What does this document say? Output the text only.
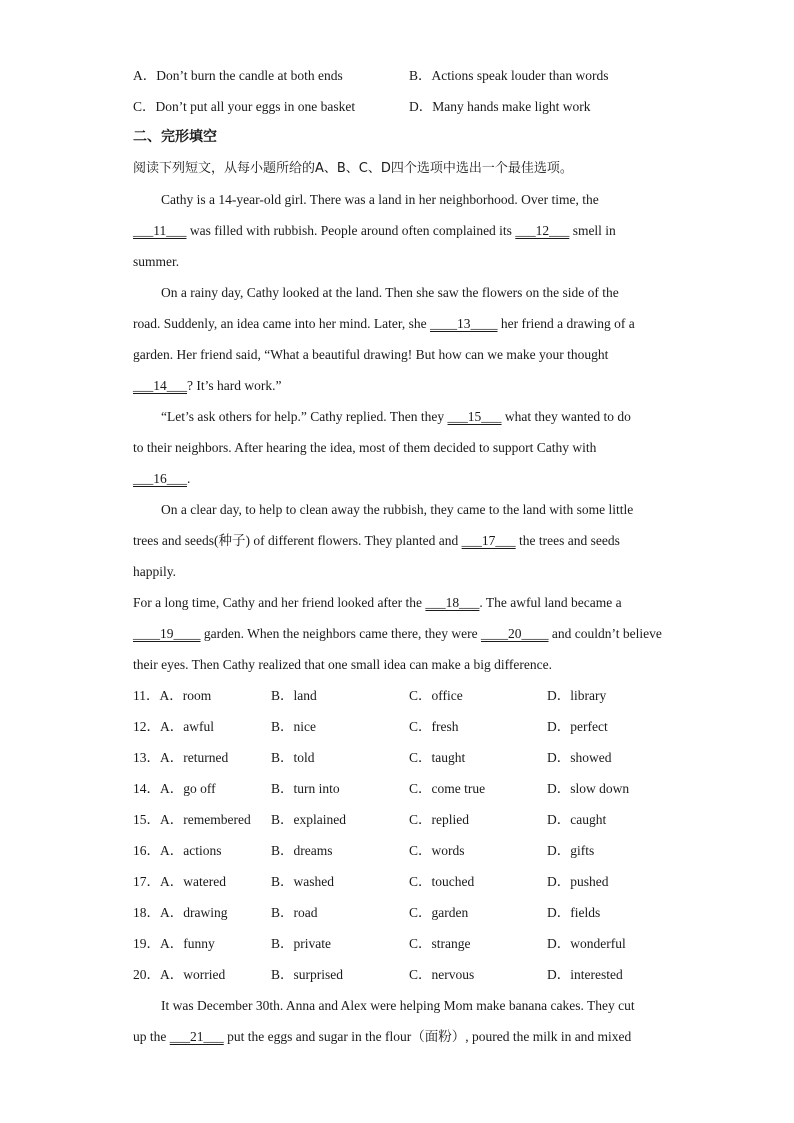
A．Don’t burn the candle at both ends	B．Actions speak louder than words
C．Don’t put all your eggs in one basket	D．Many hands make light work
二、完形填空
阅读下列短文，从每小题所给的A、B、C、D四个选项中选出一个最佳选项。
Cathy is a 14-year-old girl. There was a land in her neighborhood. Over time, the
___11___ was filled with rubbish. People around often complained its ___12___ smell in
summer.
On a rainy day, Cathy looked at the land. Then she saw the flowers on the side of the
road. Suddenly, an idea came into her mind. Later, she ____13____ her friend a drawing of a
garden. Her friend said, “What a beautiful drawing! But how can we make your thought
___14___? It’s hard work.”
“Let’s ask others for help.” Cathy replied. Then they ___15___ what they wanted to do
to their neighbors. After hearing the idea, most of them decided to support Cathy with
___16___.
On a clear day, to help to clean away the rubbish, they came to the land with some little
trees and seeds(种子) of different flowers. They planted and ___17___ the trees and seeds
happily.
For a long time, Cathy and her friend looked after the ___18___. The awful land became a
____19____ garden. When the neighbors came there, they were ____20____ and couldn’t believe
their eyes. Then Cathy realized that one small idea can make a big difference.
11．A．room	B．land	C．office	D．library
12．A．awful	B．nice	C．fresh	D．perfect
13．A．returned	B．told	C．taught	D．showed
14．A．go off	B．turn into	C．come true	D．slow down
15．A．remembered	B．explained	C．replied	D．caught
16．A．actions	B．dreams	C．words	D．gifts
17．A．watered	B．washed	C．touched	D．pushed
18．A．drawing	B．road	C．garden	D．fields
19．A．funny	B．private	C．strange	D．wonderful
20．A．worried	B．surprised	C．nervous	D．interested
It was December 30th. Anna and Alex were helping Mom make banana cakes. They cut
up the ___21___ put the eggs and sugar in the flour（面粉）, poured the milk in and mixed
